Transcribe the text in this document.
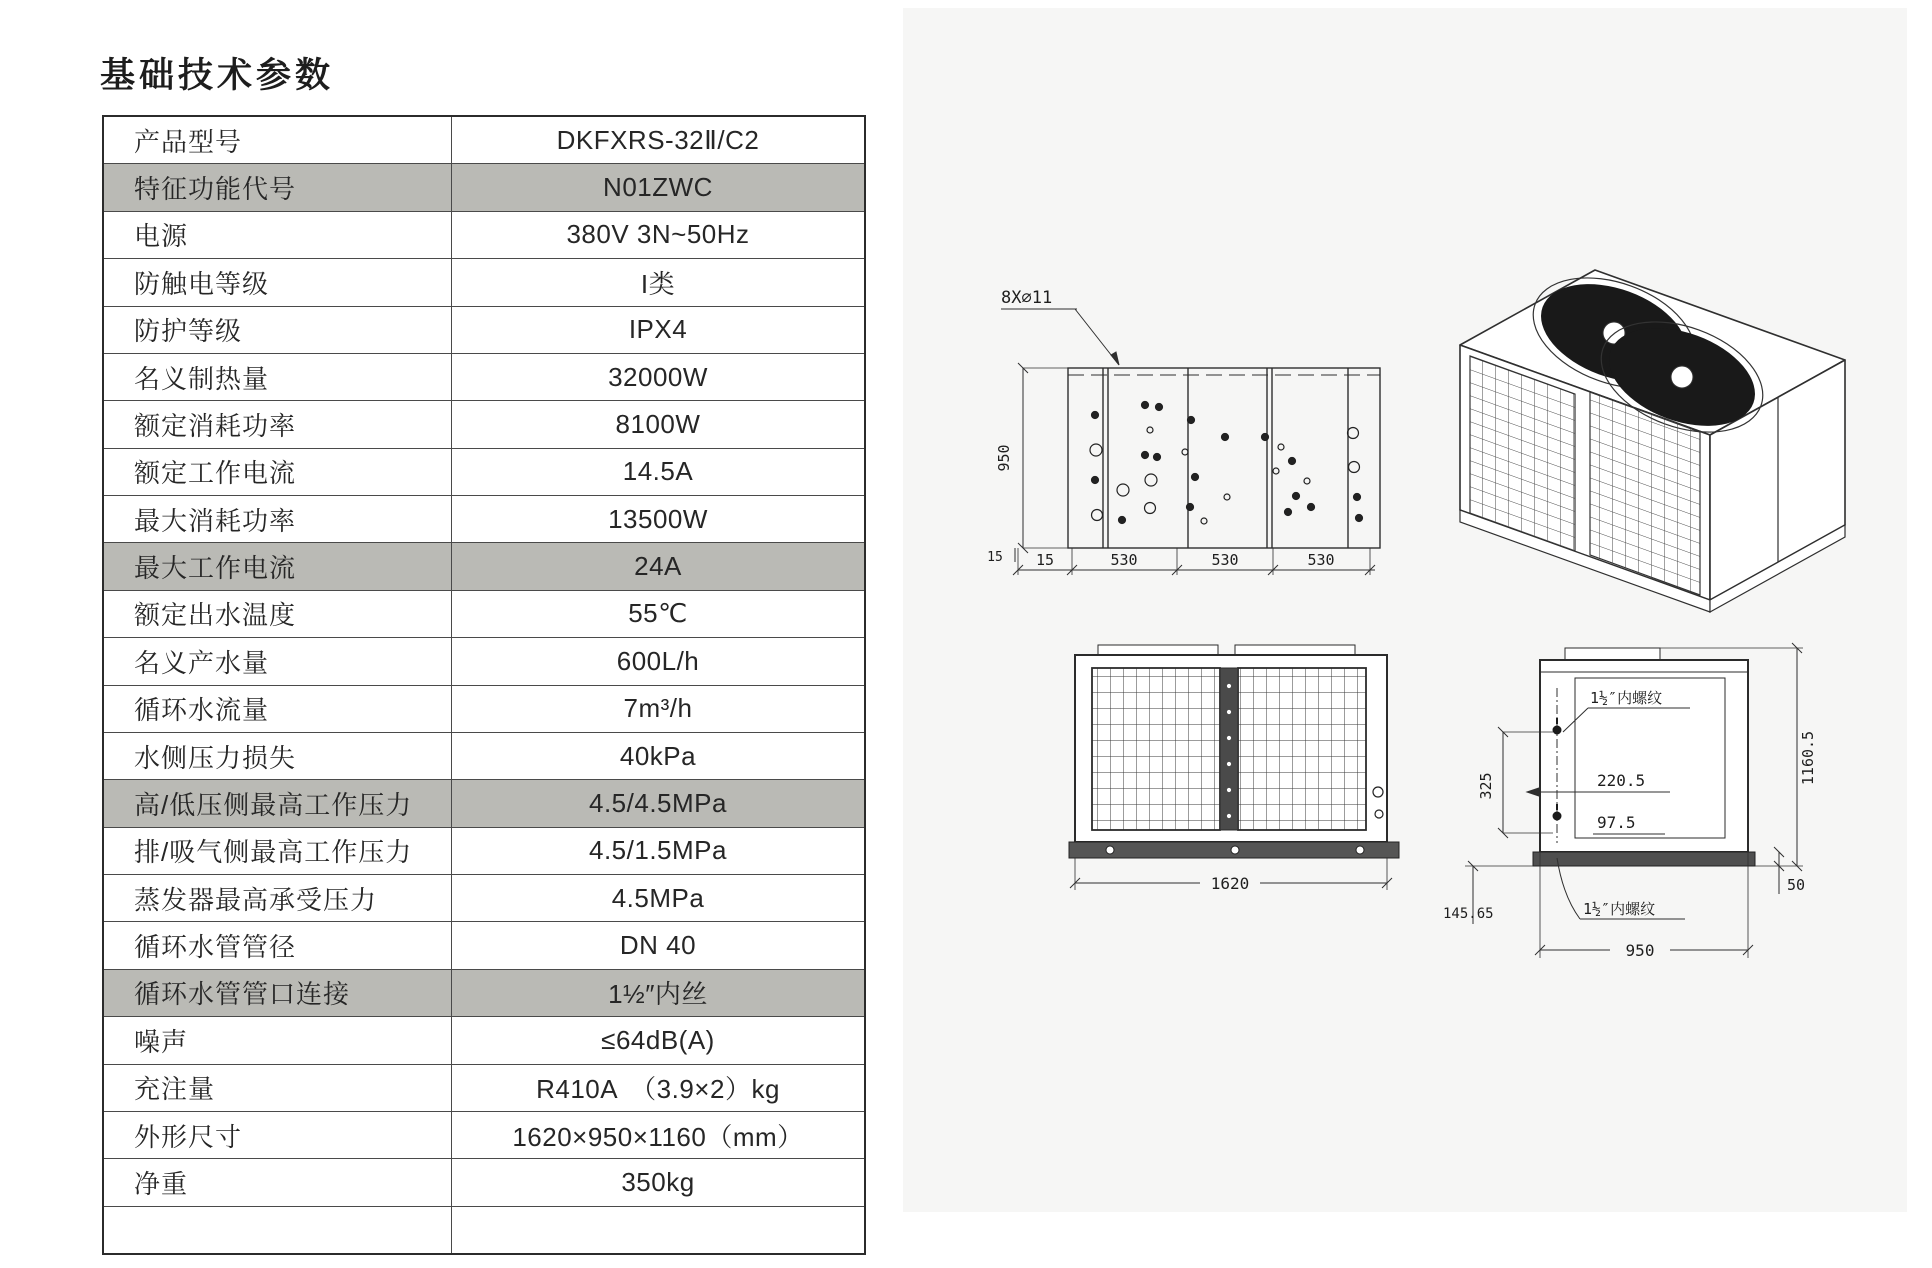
基础技术参数
产品型号	DKFXRS-32Ⅱ/C2
特征功能代号	N01ZWC
电源	380V 3N~50Hz
防触电等级	I类
防护等级	IPX4
名义制热量	32000W
额定消耗功率	8100W
额定工作电流	14.5A
最大消耗功率	13500W
最大工作电流	24A
额定出水温度	55℃
名义产水量	600L/h
循环水流量	7m³/h
水侧压力损失	40kPa
高/低压侧最高工作压力	4.5/4.5MPa
排/吸气侧最高工作压力	4.5/1.5MPa
蒸发器最高承受压力	4.5MPa
循环水管管径	DN 40
循环水管管口连接	1½″内丝
噪声	≤64dB(A)
充注量	R410A　（3.9×2）kg
外形尺寸	1620×950×1160（mm）
净重	350kg
8X∅11
950
15 15	530	530	530
1620
1½″内螺纹
220.5
97.5
325
1160.5
50
145.65	1½″内螺纹
950
